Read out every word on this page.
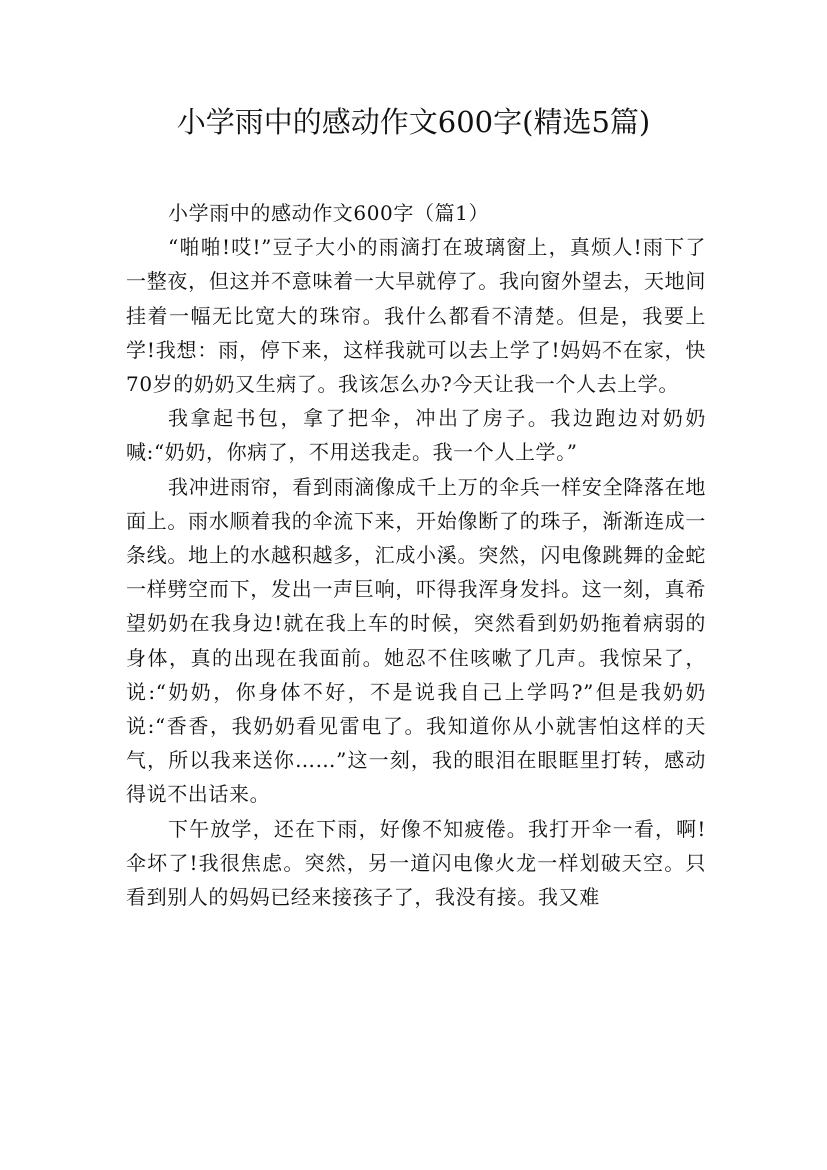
小学雨中的感动作文600字(精选5篇)
小学雨中的感动作文600字（篇1）

“啪啪!哎!”豆子大小的雨滴打在玻璃窗上，真烦人!雨下了一整夜，但这并不意味着一大早就停了。我向窗外望去，天地间挂着一幅无比宽大的珠帘。我什么都看不清楚。但是，我要上学!我想：雨，停下来，这样我就可以去上学了!妈妈不在家，快70岁的奶奶又生病了。我该怎么办?今天让我一个人去上学。

我拿起书包，拿了把伞，冲出了房子。我边跑边对奶奶喊:“奶奶，你病了，不用送我走。我一个人上学。”

我冲进雨帘，看到雨滴像成千上万的伞兵一样安全降落在地面上。雨水顺着我的伞流下来，开始像断了的珠子，渐渐连成一条线。地上的水越积越多，汇成小溪。突然，闪电像跳舞的金蛇一样劈空而下，发出一声巨响，吓得我浑身发抖。这一刻，真希望奶奶在我身边!就在我上车的时候，突然看到奶奶拖着病弱的身体，真的出现在我面前。她忍不住咳嗽了几声。我惊呆了，说:“奶奶，你身体不好，不是说我自己上学吗?”但是我奶奶说:“香香，我奶奶看见雷电了。我知道你从小就害怕这样的天气，所以我来送你……”这一刻，我的眼泪在眼眶里打转，感动得说不出话来。

下午放学，还在下雨，好像不知疲倦。我打开伞一看，啊!伞坏了!我很焦虑。突然，另一道闪电像火龙一样划破天空。只看到别人的妈妈已经来接孩子了，我没有接。我又难
